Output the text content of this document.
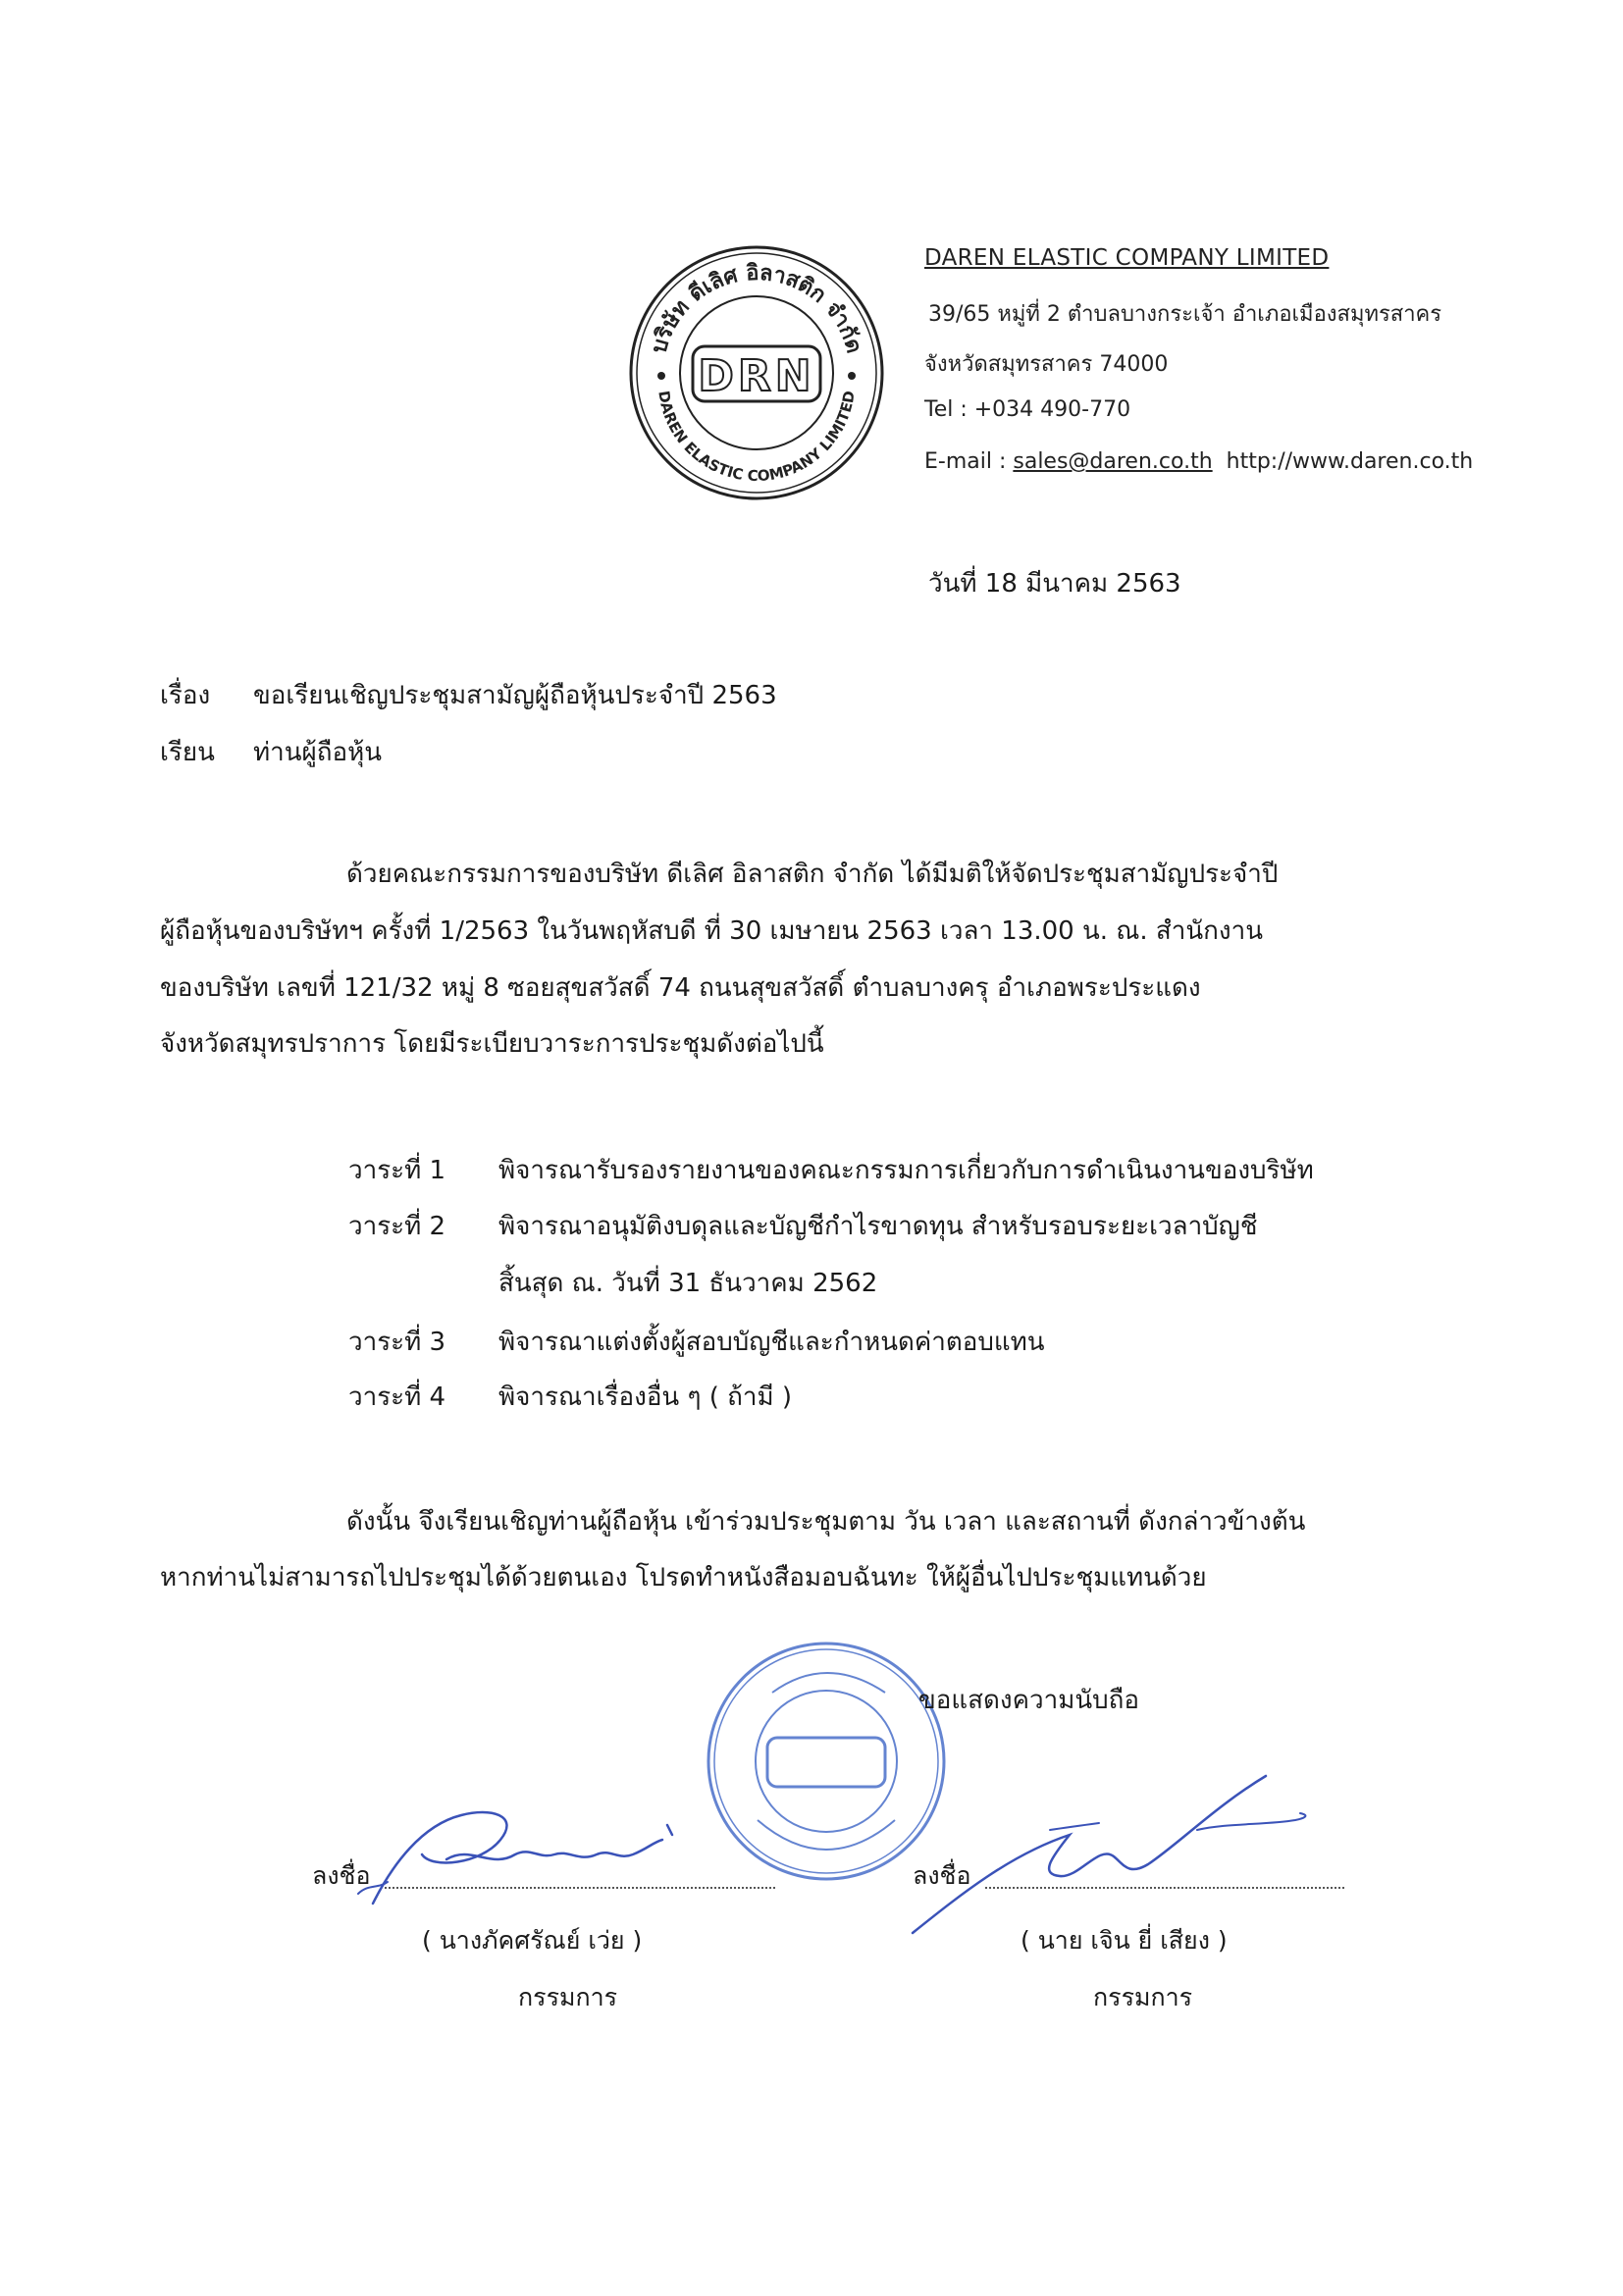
บริษัท ดีเลิศ อิลาสติก จำกัด
DAREN ELASTIC COMPANY LIMITED
DRN
DAREN ELASTIC COMPANY LIMITED
39/65 หมู่ที่ 2 ตำบลบางกระเจ้า อำเภอเมืองสมุทรสาคร
จังหวัดสมุทรสาคร 74000
Tel : +034 490-770
E-mail : sales@daren.co.th http://www.daren.co.th
วันที่ 18 มีนาคม 2563
เรื่อง ขอเรียนเชิญประชุมสามัญผู้ถือหุ้นประจำปี 2563
เรียน ท่านผู้ถือหุ้น
ด้วยคณะกรรมการของบริษัท ดีเลิศ อิลาสติก จำกัด ได้มีมติให้จัดประชุมสามัญประจำปี
ผู้ถือหุ้นของบริษัทฯ ครั้งที่ 1/2563 ในวันพฤหัสบดี ที่ 30 เมษายน 2563 เวลา 13.00 น. ณ. สำนักงาน
ของบริษัท เลขที่ 121/32 หมู่ 8 ซอยสุขสวัสดิ์ 74 ถนนสุขสวัสดิ์ ตำบลบางครุ อำเภอพระประแดง
จังหวัดสมุทรปราการ โดยมีระเบียบวาระการประชุมดังต่อไปนี้
วาระที่ 1 พิจารณารับรองรายงานของคณะกรรมการเกี่ยวกับการดำเนินงานของบริษัท
วาระที่ 2 พิจารณาอนุมัติงบดุลและบัญชีกำไรขาดทุน สำหรับรอบระยะเวลาบัญชี
สิ้นสุด ณ. วันที่ 31 ธันวาคม 2562
วาระที่ 3 พิจารณาแต่งตั้งผู้สอบบัญชีและกำหนดค่าตอบแทน
วาระที่ 4 พิจารณาเรื่องอื่น ๆ ( ถ้ามี )
ดังนั้น จึงเรียนเชิญท่านผู้ถือหุ้น เข้าร่วมประชุมตาม วัน เวลา และสถานที่ ดังกล่าวข้างต้น
หากท่านไม่สามารถไปประชุมได้ด้วยตนเอง โปรดทำหนังสือมอบฉันทะ ให้ผู้อื่นไปประชุมแทนด้วย
ขอแสดงความนับถือ
ลงชื่อ
( นางภัคศรัณย์ เว่ย )
กรรมการ
ลงชื่อ
( นาย เจิน ยี่ เสียง )
กรรมการ
